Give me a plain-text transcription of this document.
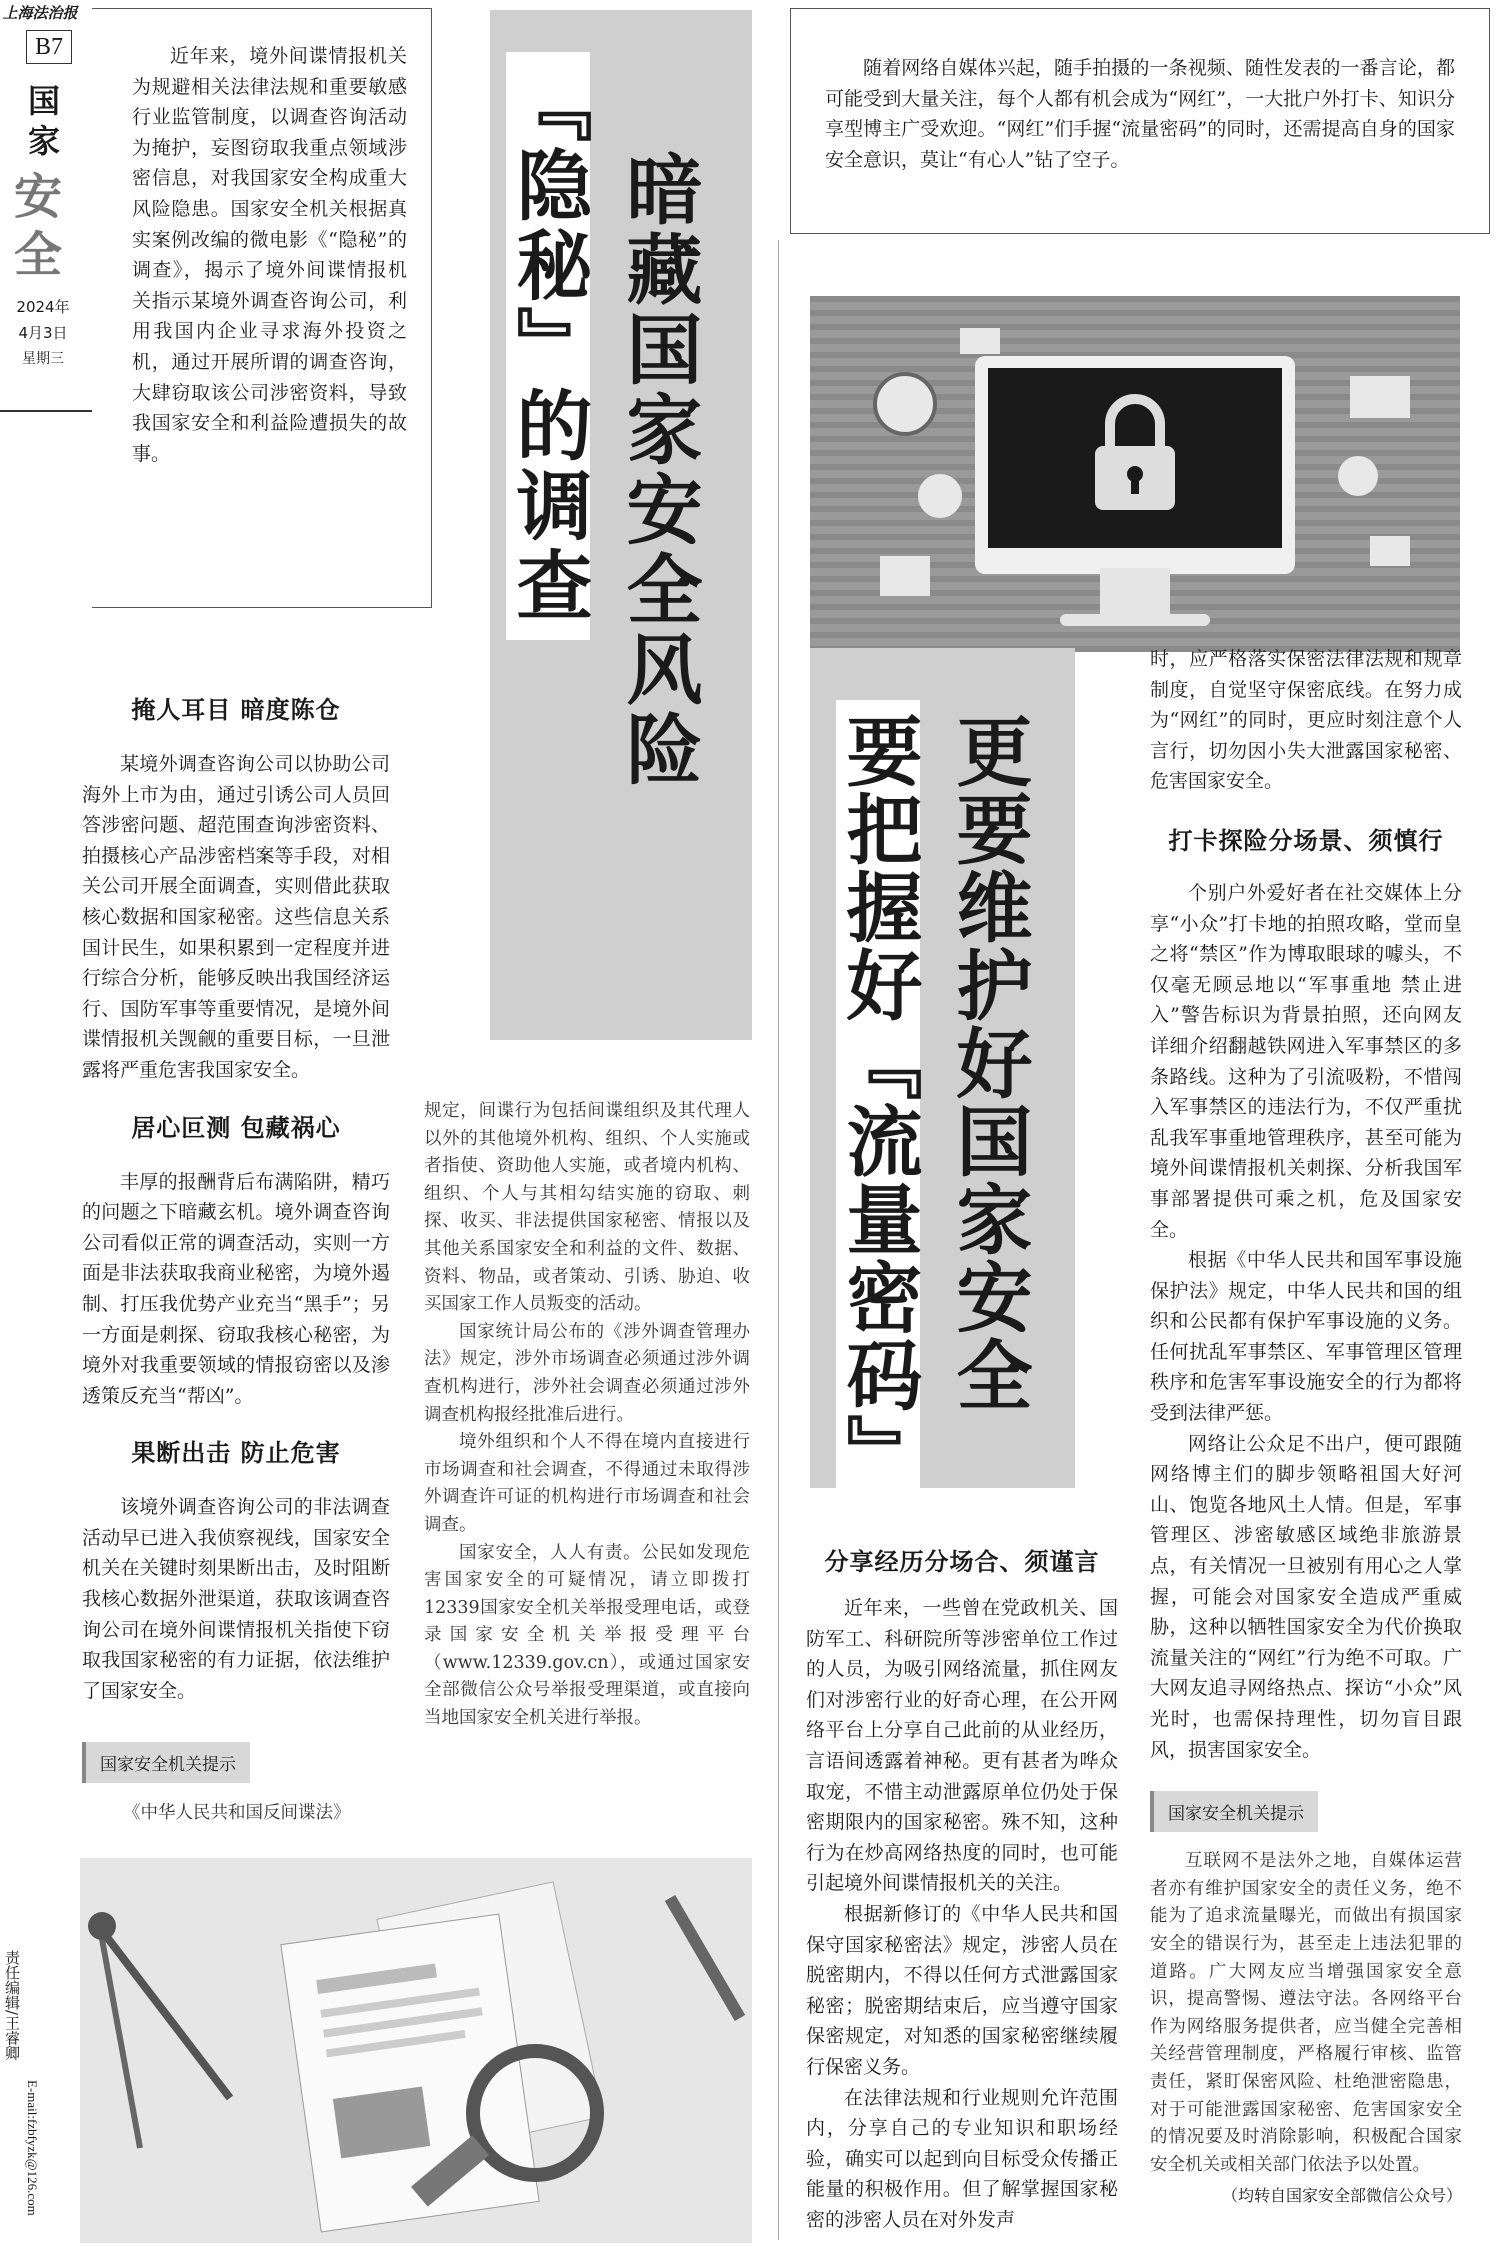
上海法治报
B7
国
家
安
全
2024年
4月3日
星期三

近年来，境外间谍情报机关为规避相关法律法规和重要敏感行业监管制度，以调查咨询活动为掩护，妄图窃取我重点领域涉密信息，对我国家安全构成重大风险隐患。国家安全机关根据真实案例改编的微电影《“隐秘”的调查》，揭示了境外间谍情报机关指示某境外调查咨询公司，利用我国内企业寻求海外投资之机，通过开展所谓的调查咨询，大肆窃取该公司涉密资料，导致我国家安全和利益险遭损失的故事。	暗藏国家安全风险
『隐秘』的调查
掩人耳目 暗度陈仓

某境外调查咨询公司以协助公司海外上市为由，通过引诱公司人员回答涉密问题、超范围查询涉密资料、拍摄核心产品涉密档案等手段，对相关公司开展全面调查，实则借此获取核心数据和国家秘密。这些信息关系国计民生，如果积累到一定程度并进行综合分析，能够反映出我国经济运行、国防军事等重要情况，是境外间谍情报机关觊觎的重要目标，一旦泄露将严重危害我国家安全。

居心叵测 包藏祸心

丰厚的报酬背后布满陷阱，精巧的问题之下暗藏玄机。境外调查咨询公司看似正常的调查活动，实则一方面是非法获取我商业秘密，为境外遏制、打压我优势产业充当“黑手”；另一方面是刺探、窃取我核心秘密，为境外对我重要领域的情报窃密以及渗透策反充当“帮凶”。

果断出击 防止危害

该境外调查咨询公司的非法调查活动早已进入我侦察视线，国家安全机关在关键时刻果断出击，及时阻断我核心数据外泄渠道，获取该调查咨询公司在境外间谍情报机关指使下窃取我国家秘密的有力证据，依法维护了国家安全。

国家安全机关提示

《中华人民共和国反间谍法》

规定，间谍行为包括间谍组织及其代理人以外的其他境外机构、组织、个人实施或者指使、资助他人实施，或者境内机构、组织、个人与其相勾结实施的窃取、刺探、收买、非法提供国家秘密、情报以及其他关系国家安全和利益的文件、数据、资料、物品，或者策动、引诱、胁迫、收买国家工作人员叛变的活动。

国家统计局公布的《涉外调查管理办法》规定，涉外市场调查必须通过涉外调查机构进行，涉外社会调查必须通过涉外调查机构报经批准后进行。

境外组织和个人不得在境内直接进行市场调查和社会调查，不得通过未取得涉外调查许可证的机构进行市场调查和社会调查。

国家安全，人人有责。公民如发现危害国家安全的可疑情况，请立即拨打12339国家安全机关举报受理电话，或登录国家安全机关举报受理平台（www.12339.gov.cn），或通过国家安全部微信公众号举报受理渠道，或直接向当地国家安全机关进行举报。

随着网络自媒体兴起，随手拍摄的一条视频、随性发表的一番言论，都可能受到大量关注，每个人都有机会成为“网红”，一大批户外打卡、知识分享型博主广受欢迎。“网红”们手握“流量密码”的同时，还需提高自身的国家安全意识，莫让“有心人”钻了空子。

更要维护好国家安全
要把握好『流量密码』
分享经历分场合、须谨言

近年来，一些曾在党政机关、国防军工、科研院所等涉密单位工作过的人员，为吸引网络流量，抓住网友们对涉密行业的好奇心理，在公开网络平台上分享自己此前的从业经历，言语间透露着神秘。更有甚者为哗众取宠，不惜主动泄露原单位仍处于保密期限内的国家秘密。殊不知，这种行为在炒高网络热度的同时，也可能引起境外间谍情报机关的关注。

根据新修订的《中华人民共和国保守国家秘密法》规定，涉密人员在脱密期内，不得以任何方式泄露国家秘密；脱密期结束后，应当遵守国家保密规定，对知悉的国家秘密继续履行保密义务。

在法律法规和行业规则允许范围内，分享自己的专业知识和职场经验，确实可以起到向目标受众传播正能量的积极作用。但了解掌握国家秘密的涉密人员在对外发声

时，应严格落实保密法律法规和规章制度，自觉坚守保密底线。在努力成为“网红”的同时，更应时刻注意个人言行，切勿因小失大泄露国家秘密、危害国家安全。

打卡探险分场景、须慎行

个别户外爱好者在社交媒体上分享“小众”打卡地的拍照攻略，堂而皇之将“禁区”作为博取眼球的噱头，不仅毫无顾忌地以“军事重地 禁止进入”警告标识为背景拍照，还向网友详细介绍翻越铁网进入军事禁区的多条路线。这种为了引流吸粉，不惜闯入军事禁区的违法行为，不仅严重扰乱我军事重地管理秩序，甚至可能为境外间谍情报机关刺探、分析我国军事部署提供可乘之机，危及国家安全。

根据《中华人民共和国军事设施保护法》规定，中华人民共和国的组织和公民都有保护军事设施的义务。任何扰乱军事禁区、军事管理区管理秩序和危害军事设施安全的行为都将受到法律严惩。

网络让公众足不出户，便可跟随网络博主们的脚步领略祖国大好河山、饱览各地风土人情。但是，军事管理区、涉密敏感区域绝非旅游景点，有关情况一旦被别有用心之人掌握，可能会对国家安全造成严重威胁，这种以牺牲国家安全为代价换取流量关注的“网红”行为绝不可取。广大网友追寻网络热点、探访“小众”风光时，也需保持理性，切勿盲目跟风，损害国家安全。

国家安全机关提示

互联网不是法外之地，自媒体运营者亦有维护国家安全的责任义务，绝不能为了追求流量曝光，而做出有损国家安全的错误行为，甚至走上违法犯罪的道路。广大网友应当增强国家安全意识，提高警惕、遵法守法。各网络平台作为网络服务提供者，应当健全完善相关经营管理制度，严格履行审核、监管责任，紧盯保密风险、杜绝泄密隐患，对于可能泄露国家秘密、危害国家安全的情况要及时消除影响，积极配合国家安全机关或相关部门依法予以处置。

（均转自国家安全部微信公众号）
责任编辑/王睿卿
E-mail:fzbfyzk@126.com
